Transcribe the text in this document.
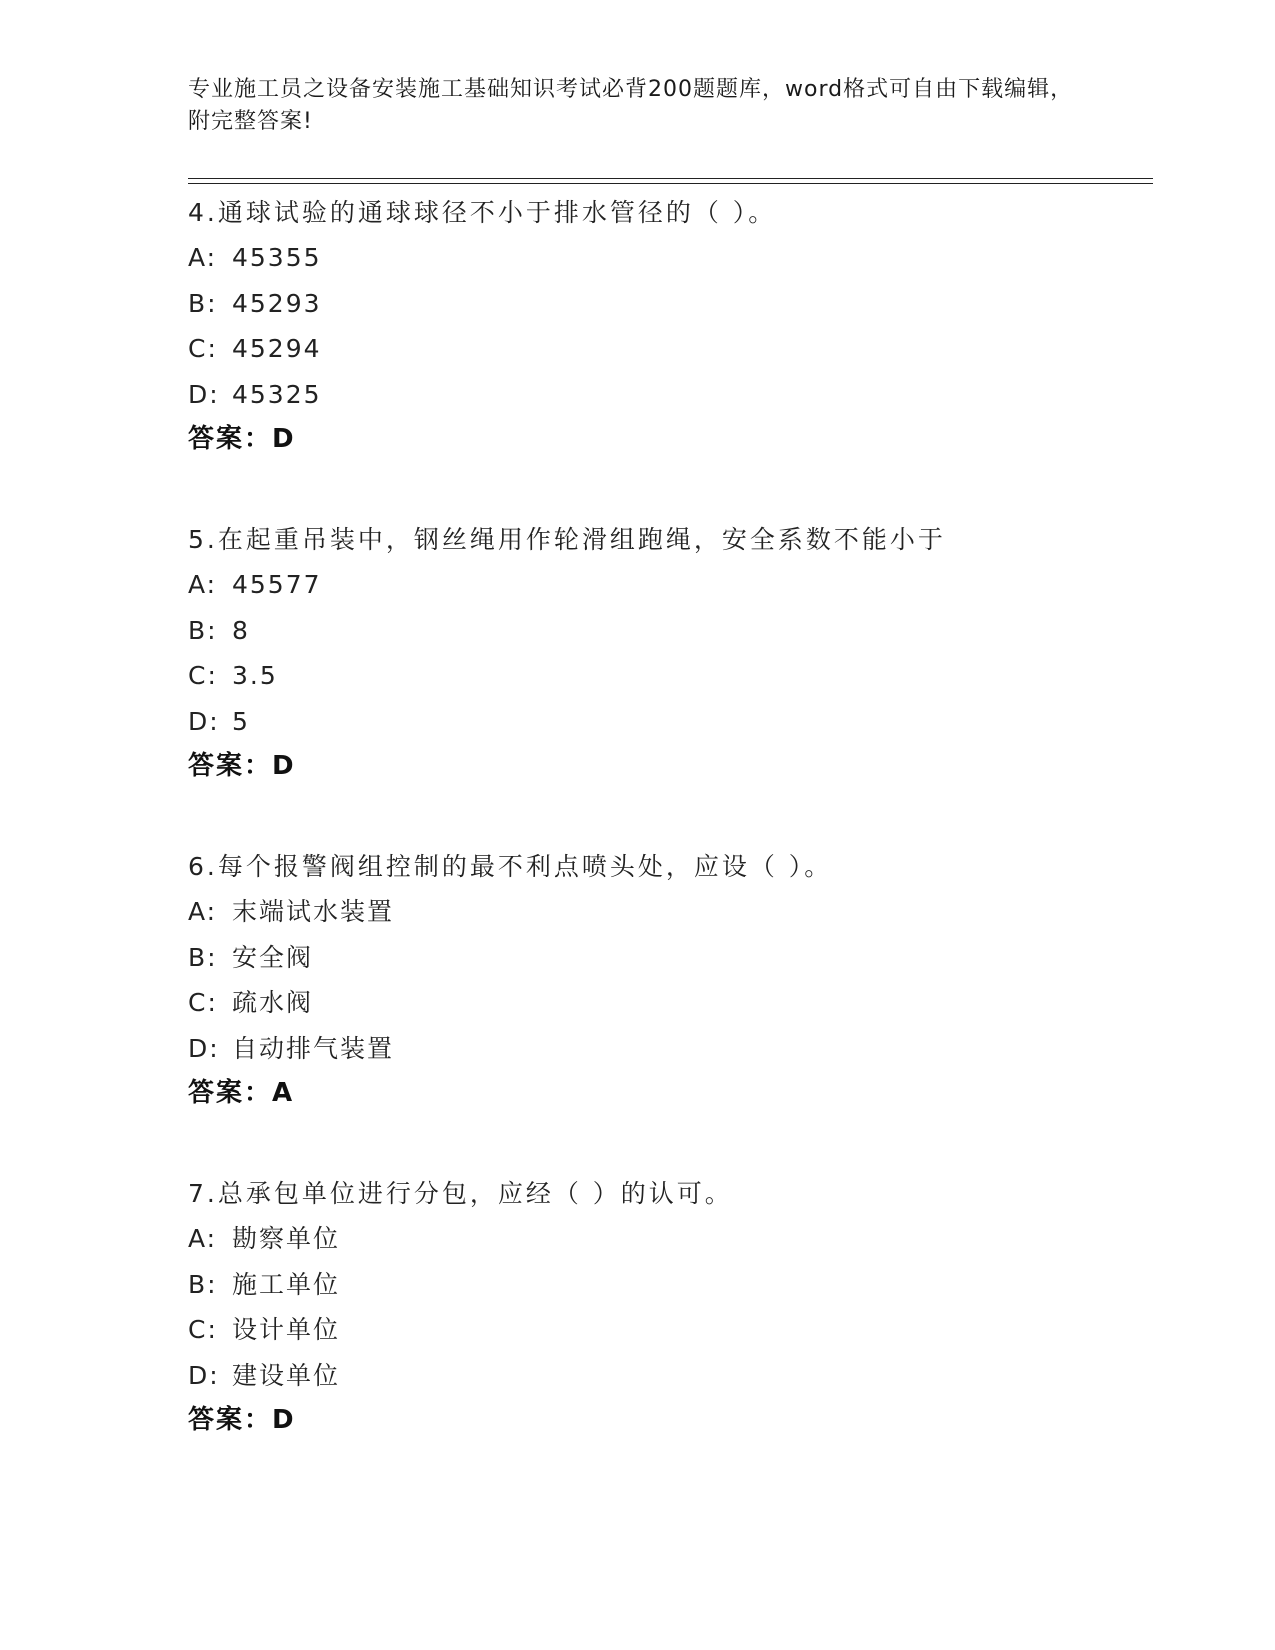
专业施工员之设备安装施工基础知识考试必背200题题库，word格式可自由下载编辑，附完整答案!
4.通球试验的通球球径不小于排水管径的（ ）。
A: 45355
B: 45293
C: 45294
D: 45325
答案：D
5.在起重吊装中，钢丝绳用作轮滑组跑绳，安全系数不能小于
A: 45577
B: 8
C: 3.5
D: 5
答案：D
6.每个报警阀组控制的最不利点喷头处，应设（ ）。
A: 末端试水装置
B: 安全阀
C: 疏水阀
D: 自动排气装置
答案：A
7.总承包单位进行分包，应经（ ）的认可。
A: 勘察单位
B: 施工单位
C: 设计单位
D: 建设单位
答案：D
